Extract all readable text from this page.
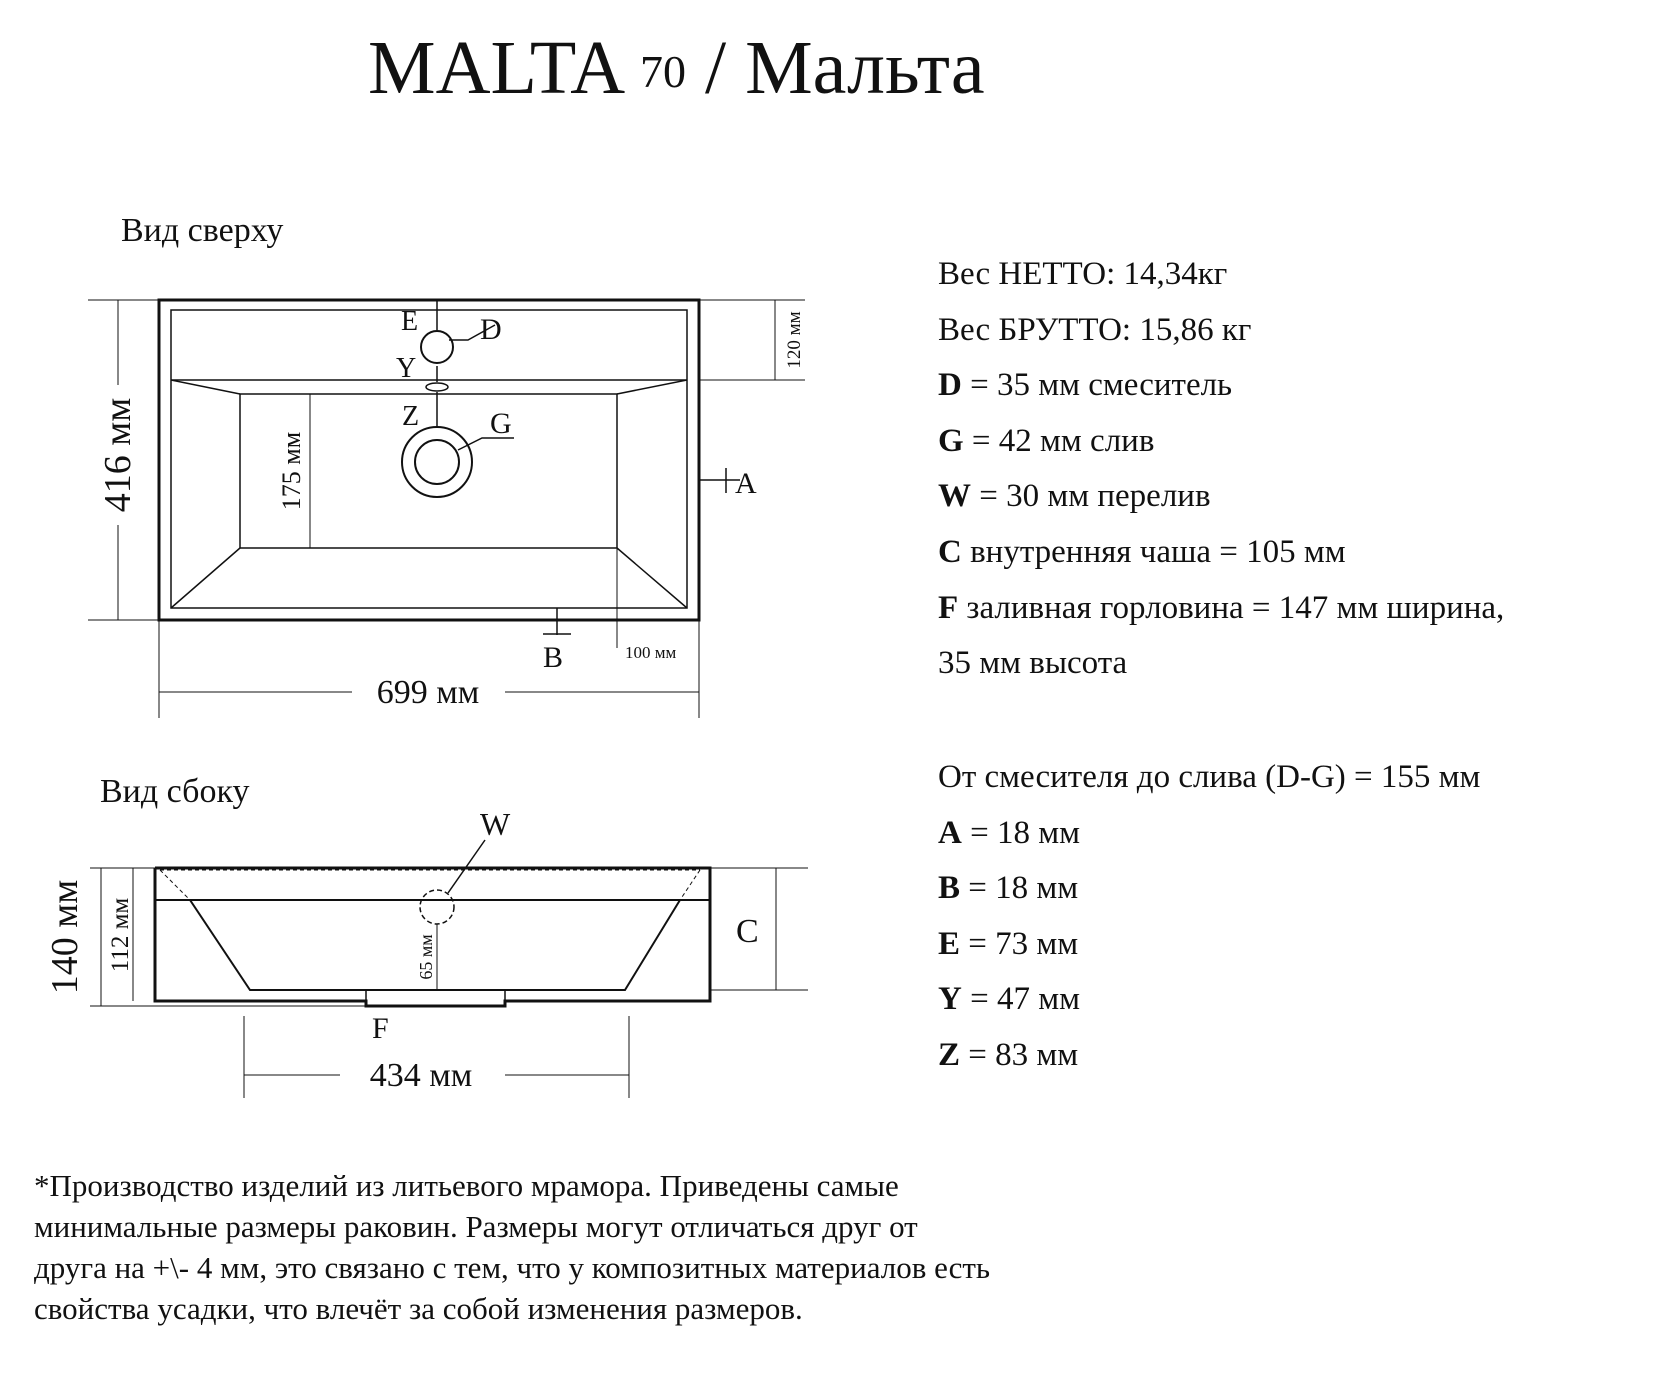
MALTA 70 / Мальта
Вид сверху
Вид сбоку
416 мм	175 мм
120 мм
699 мм
100 мм
E D
Y
Z G
A
B
140 мм 112 мм	65 мм
434 мм
W
C
F
Вес НЕТТО: 14,34кг
Вес БРУТТО: 15,86 кг
D = 35 мм смеситель
G = 42 мм слив
W = 30 мм перелив
C внутренняя чаша = 105 мм
F заливная горловина = 147 мм ширина,
35 мм высота
От смесителя до слива (D-G) = 155 мм
A = 18 мм
B = 18 мм
E = 73 мм
Y = 47 мм
Z = 83 мм
*Производство изделий из литьевого мрамора. Приведены самые минимальные размеры раковин. Размеры могут отличаться друг от друга на +\- 4 мм, это связано с тем, что у композитных материалов есть свойства усадки, что влечёт за собой изменения размеров.
